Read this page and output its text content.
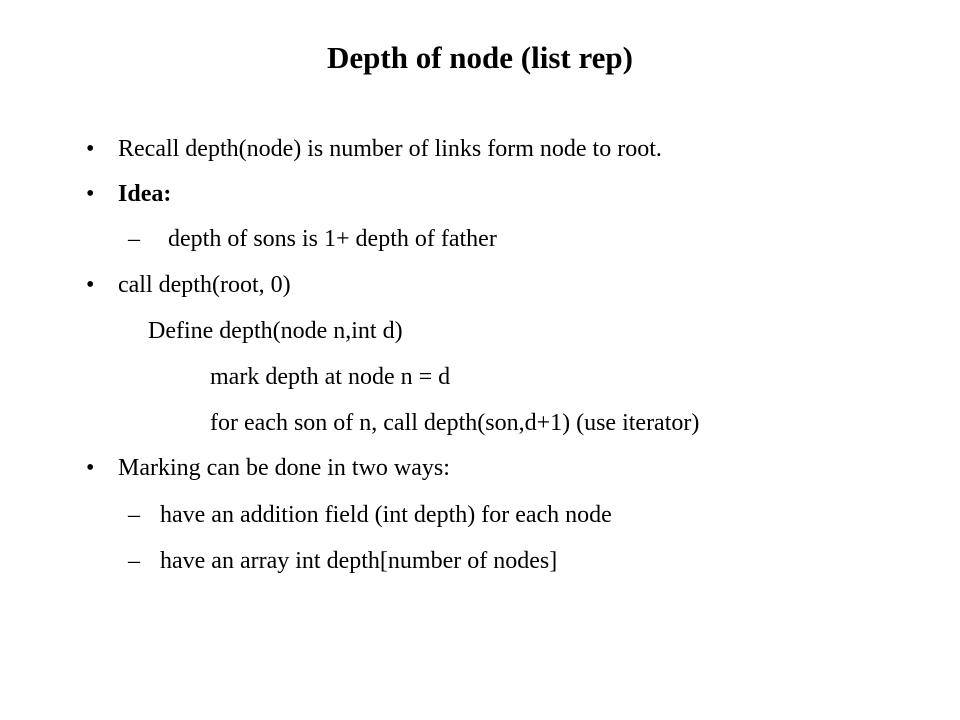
Depth of node (list rep)
• Recall depth(node) is number of links form node to root.
• Idea:
– depth of sons is 1+ depth of father
• call depth(root, 0)
Define depth(node n,int d)
mark depth at node n = d
for each son of n, call depth(son,d+1) (use iterator)
• Marking can be done in two ways:
– have an addition field (int depth) for each node
– have an array int depth[number of nodes]
